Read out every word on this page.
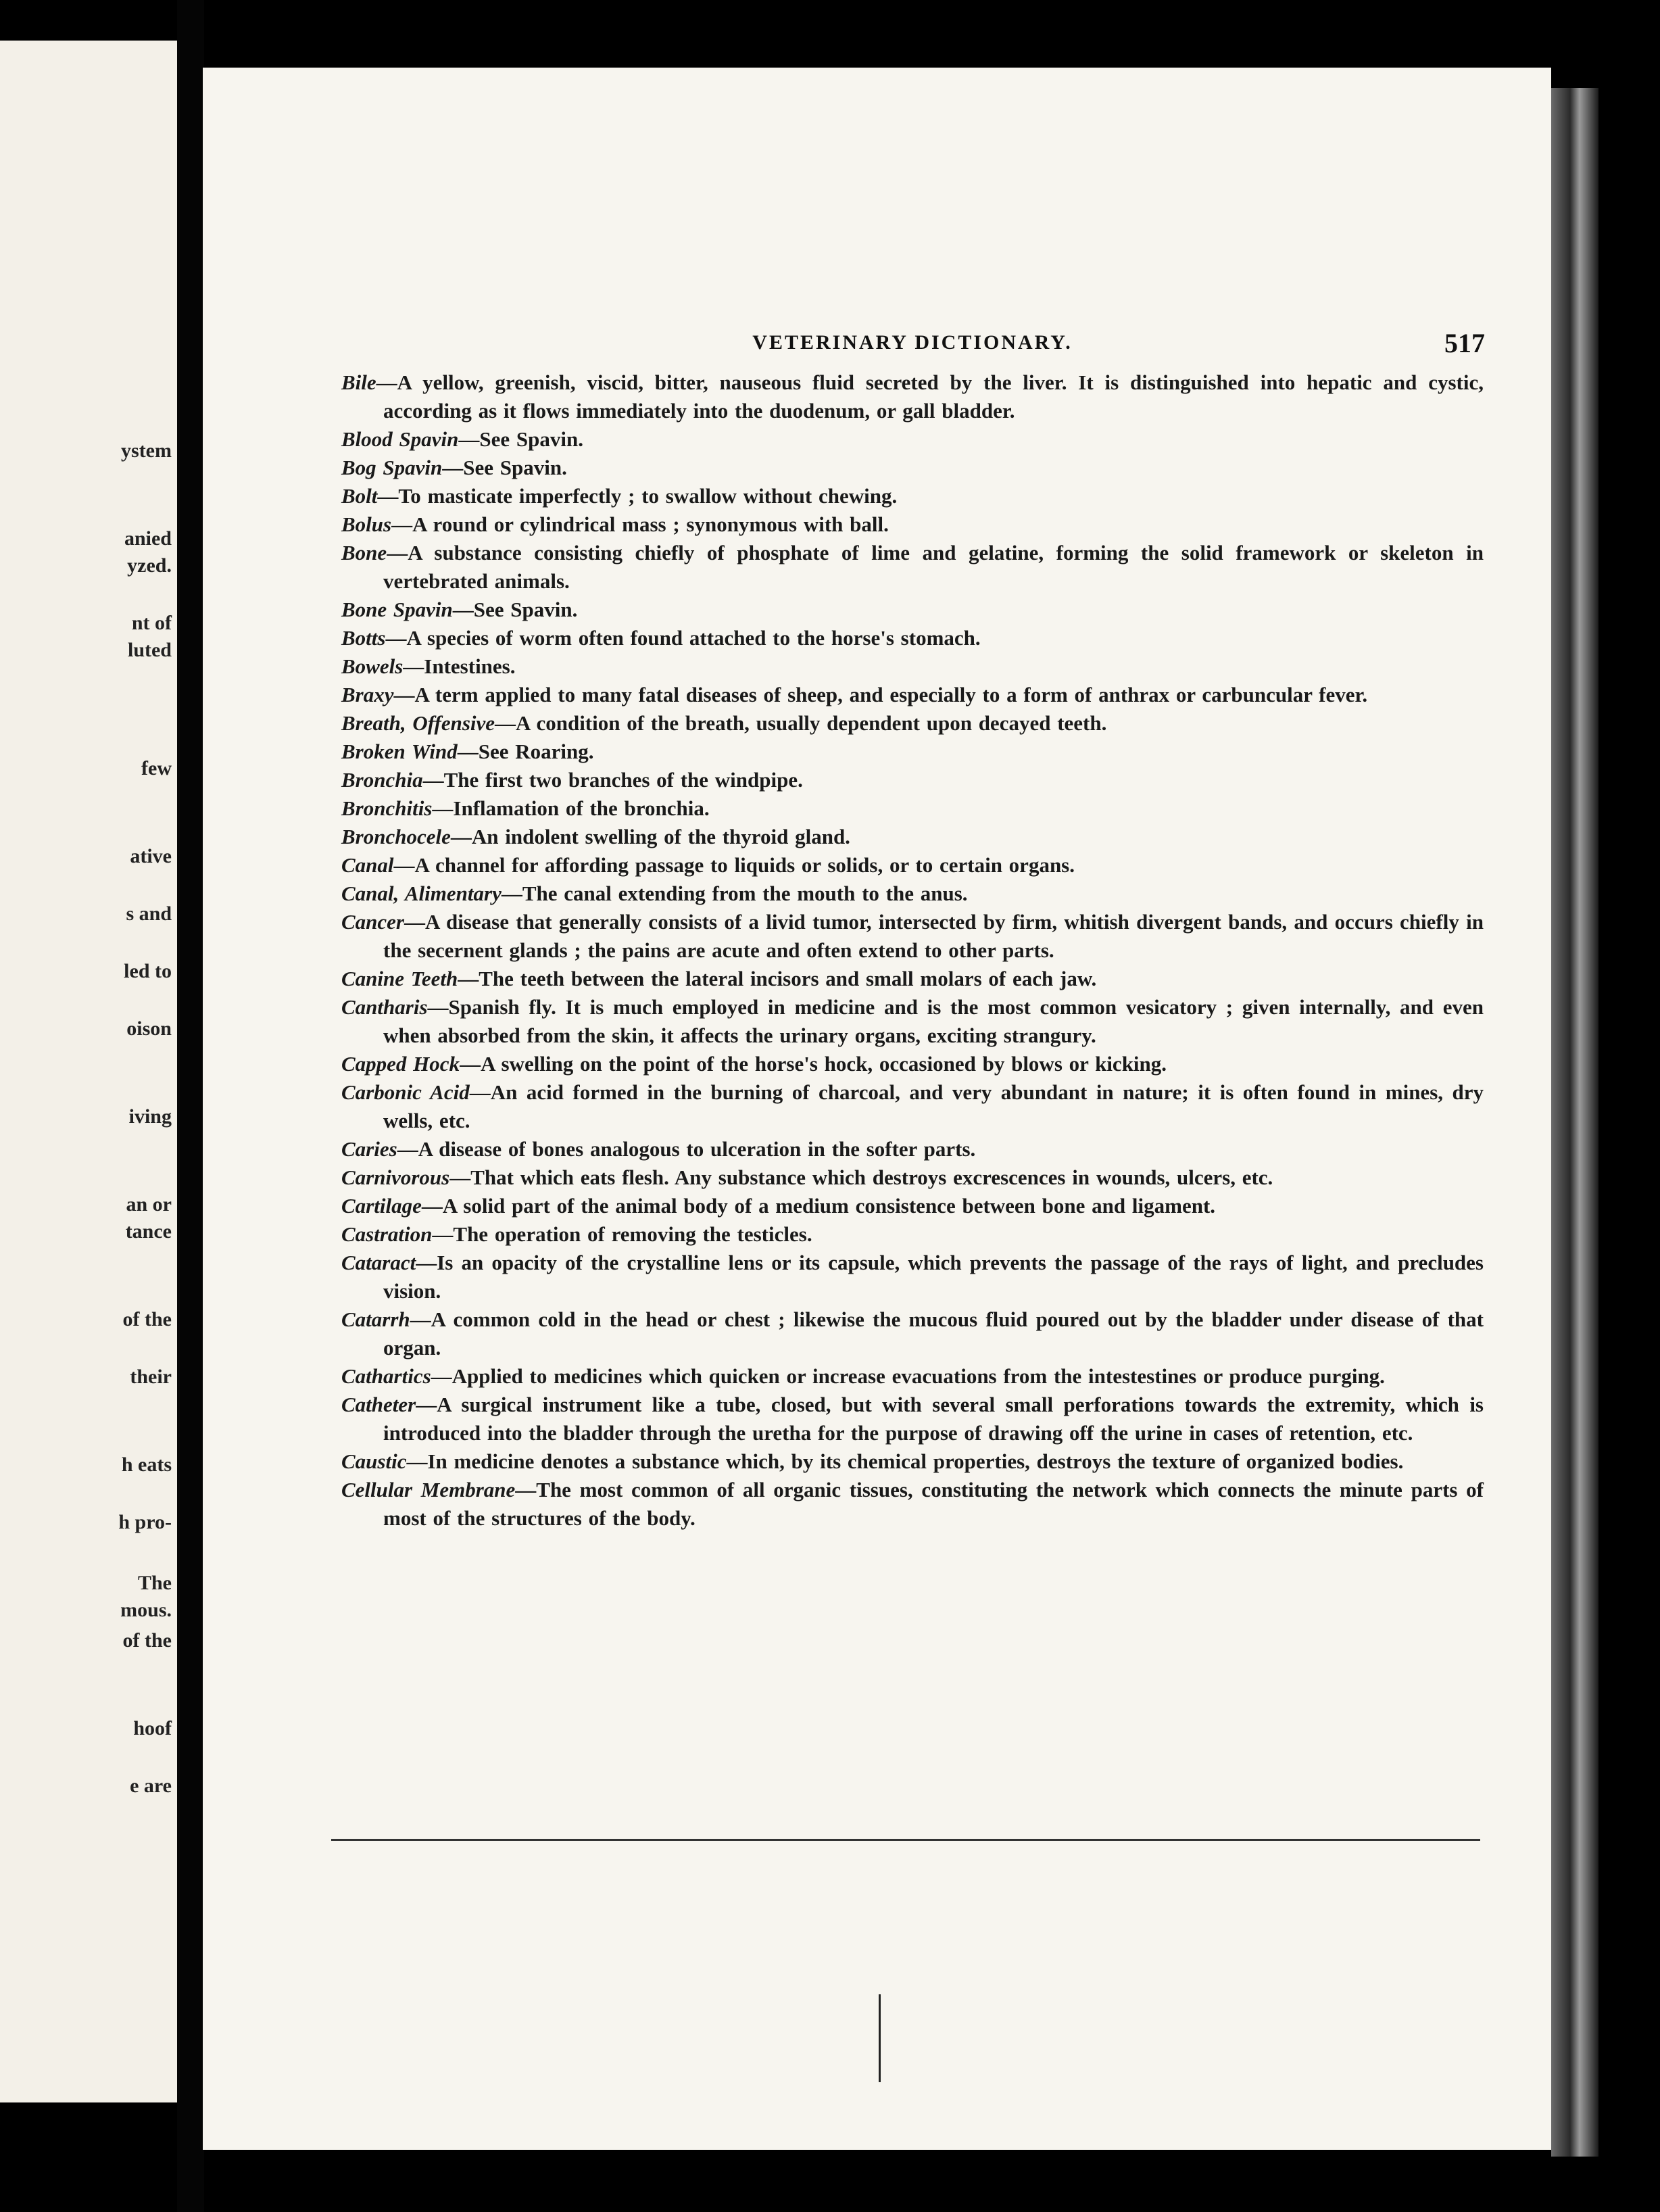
ystem
anied
yzed.
nt of
luted
few
ative
s and
led to
oison
iving
an or
tance
of the
their
h eats
h pro-
The
mous.
of the
hoof
e are
VETERINARY DICTIONARY.	517
Bile—A yellow, greenish, viscid, bitter, nauseous fluid secreted by the liver. It is distinguished into hepatic and cystic, according as it flows immediately into the duodenum, or gall bladder.
Blood Spavin—See Spavin.
Bog Spavin—See Spavin.
Bolt—To masticate imperfectly ; to swallow without chewing.
Bolus—A round or cylindrical mass ; synonymous with ball.
Bone—A substance consisting chiefly of phosphate of lime and gelatine, forming the solid framework or skeleton in vertebrated animals.
Bone Spavin—See Spavin.
Botts—A species of worm often found attached to the horse's stomach.
Bowels—Intestines.
Braxy—A term applied to many fatal diseases of sheep, and especially to a form of anthrax or carbuncular fever.
Breath, Offensive—A condition of the breath, usually dependent upon decayed teeth.
Broken Wind—See Roaring.
Bronchia—The first two branches of the windpipe.
Bronchitis—Inflamation of the bronchia.
Bronchocele—An indolent swelling of the thyroid gland.
Canal—A channel for affording passage to liquids or solids, or to certain organs.
Canal, Alimentary—The canal extending from the mouth to the anus.
Cancer—A disease that generally consists of a livid tumor, intersected by firm, whitish divergent bands, and occurs chiefly in the secernent glands ; the pains are acute and often extend to other parts.
Canine Teeth—The teeth between the lateral incisors and small molars of each jaw.
Cantharis—Spanish fly. It is much employed in medicine and is the most common vesicatory ; given internally, and even when absorbed from the skin, it affects the urinary organs, exciting strangury.
Capped Hock—A swelling on the point of the horse's hock, occasioned by blows or kicking.
Carbonic Acid—An acid formed in the burning of charcoal, and very abundant in nature; it is often found in mines, dry wells, etc.
Caries—A disease of bones analogous to ulceration in the softer parts.
Carnivorous—That which eats flesh. Any substance which destroys excrescences in wounds, ulcers, etc.
Cartilage—A solid part of the animal body of a medium consistence between bone and ligament.
Castration—The operation of removing the testicles.
Cataract—Is an opacity of the crystalline lens or its capsule, which prevents the passage of the rays of light, and precludes vision.
Catarrh—A common cold in the head or chest ; likewise the mucous fluid poured out by the bladder under disease of that organ.
Cathartics—Applied to medicines which quicken or increase evacuations from the intestestines or produce purging.
Catheter—A surgical instrument like a tube, closed, but with several small perforations towards the extremity, which is introduced into the bladder through the uretha for the purpose of drawing off the urine in cases of retention, etc.
Caustic—In medicine denotes a substance which, by its chemical properties, destroys the texture of organized bodies.
Cellular Membrane—The most common of all organic tissues, constituting the network which connects the minute parts of most of the structures of the body.
